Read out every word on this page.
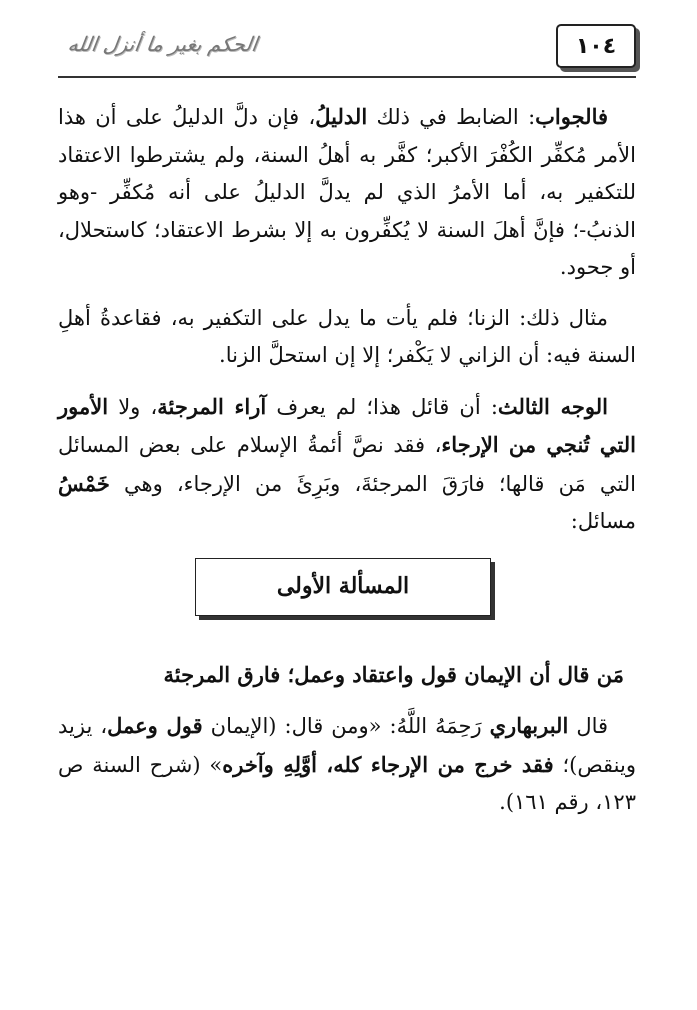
١٠٤
الحكم بغير ما أنزل الله

فالجواب: الضابط في ذلك الدليلُ، فإن دلَّ الدليلُ على أن هذا الأمر مُكفِّر الكُفْرَ الأكبر؛ كفَّر به أهلُ السنة، ولم يشترطوا الاعتقاد للتكفير به، أما الأمرُ الذي لم يدلَّ الدليلُ على أنه مُكفِّر -وهو الذنبُ-؛ فإنَّ أهلَ السنة لا يُكفِّرون به إلا بشرط الاعتقاد؛ كاستحلال، أو جحود.

مثال ذلك: الزنا؛ فلم يأت ما يدل على التكفير به، فقاعدةُ أهلِ السنة فيه: أن الزاني لا يَكْفر؛ إلا إن استحلَّ الزنا.

الوجه الثالث: أن قائل هذا؛ لم يعرف آراء المرجئة، ولا الأمور التي تُنجي من الإرجاء، فقد نصَّ أئمةُ الإسلام على بعض المسائل التي مَن قالها؛ فارَقَ المرجئةَ، وبَرِئَ من الإرجاء، وهي خَمْسُ مسائل:

المسألة الأولى

مَن قال أن الإيمان قول واعتقاد وعمل؛ فارق المرجئة

قال البربهاري رَحِمَهُ اللَّهُ: «ومن قال: (الإيمان قول وعمل، يزيد وينقص)؛ فقد خرج من الإرجاء كله، أوَّلِهِ وآخره» (شرح السنة ص ١٢٣، رقم ١٦١).
